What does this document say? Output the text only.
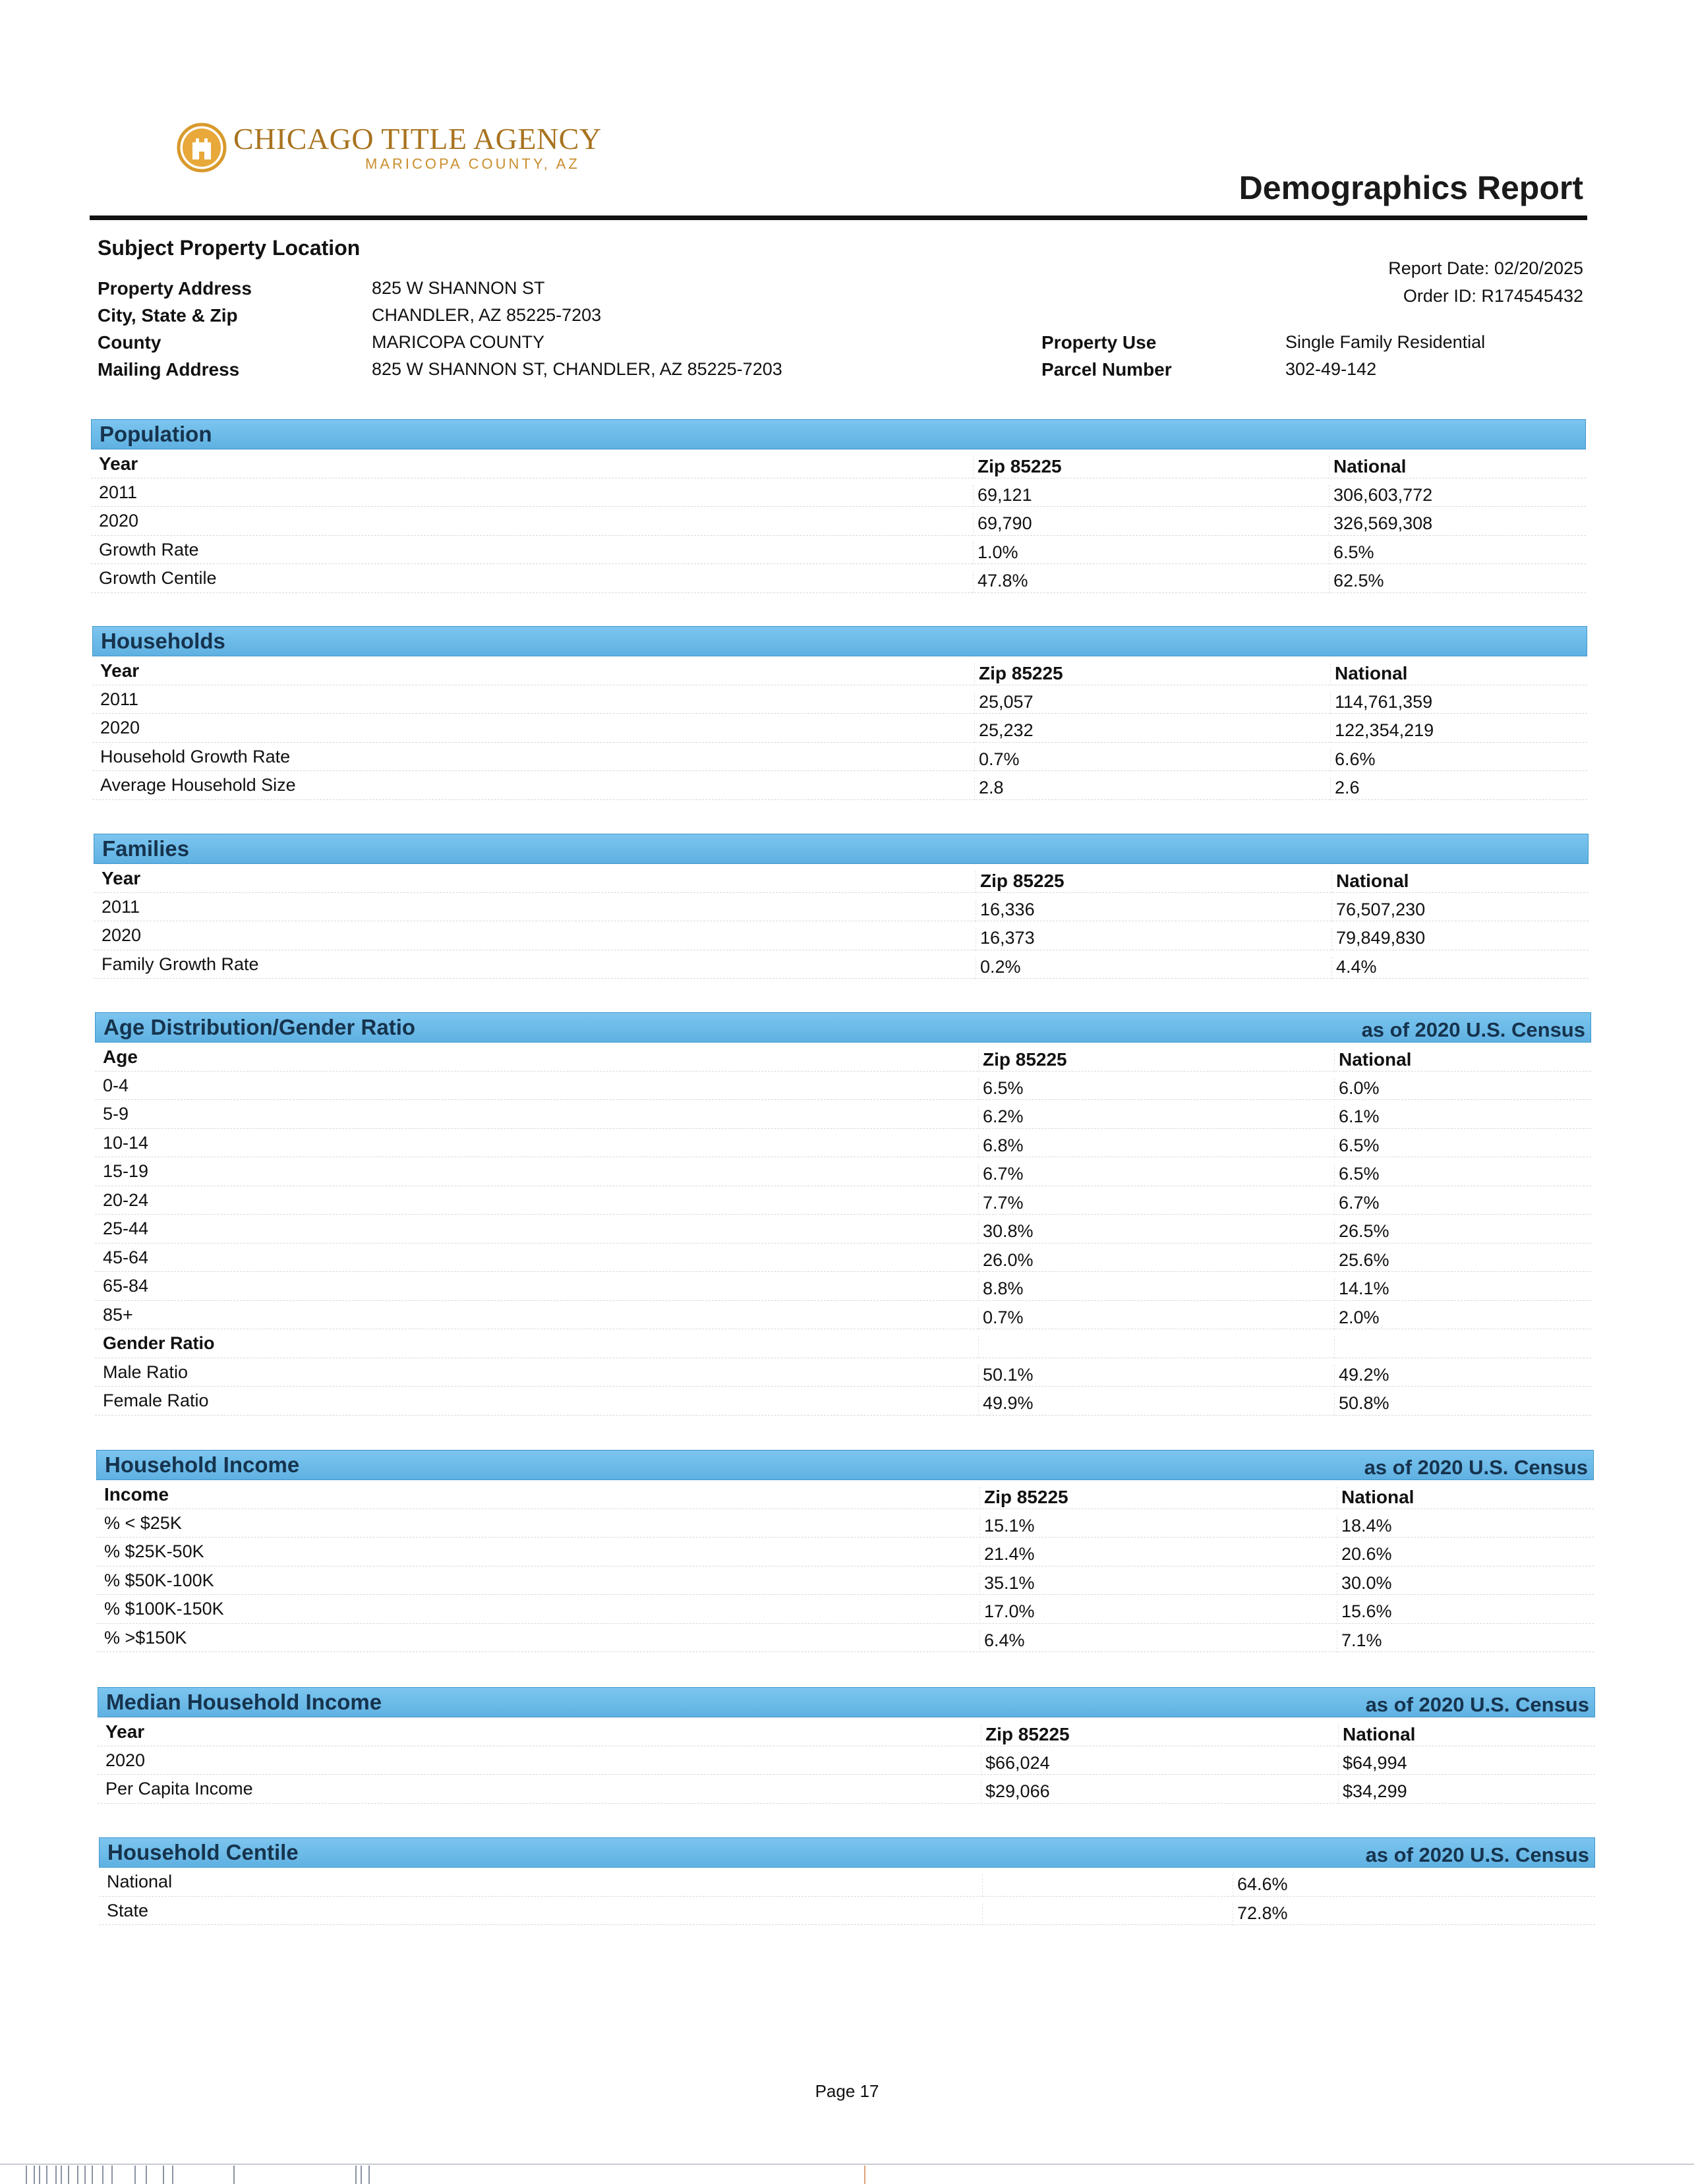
CHICAGO TITLE AGENCY
MARICOPA COUNTY, AZ
Demographics Report
Subject Property Location
Report Date: 02/20/2025
Order ID: R174545432
Property Address	825 W SHANNON ST
City, State & Zip	CHANDLER, AZ 85225-7203
County	MARICOPA COUNTY	Property Use	Single Family Residential
Mailing Address	825 W SHANNON ST, CHANDLER, AZ 85225-7203	Parcel Number	302-49-142
Population
Year	Zip 85225	National
2011	69,121	306,603,772
2020	69,790	326,569,308
Growth Rate	1.0%	6.5%
Growth Centile	47.8%	62.5%
Households
Year	Zip 85225	National
2011	25,057	114,761,359
2020	25,232	122,354,219
Household Growth Rate	0.7%	6.6%
Average Household Size	2.8	2.6
Families
Year	Zip 85225	National
2011	16,336	76,507,230
2020	16,373	79,849,830
Family Growth Rate	0.2%	4.4%
Age Distribution/Gender Ratio	as of 2020 U.S. Census
Age	Zip 85225	National
0-4	6.5%	6.0%
5-9	6.2%	6.1%
10-14	6.8%	6.5%
15-19	6.7%	6.5%
20-24	7.7%	6.7%
25-44	30.8%	26.5%
45-64	26.0%	25.6%
65-84	8.8%	14.1%
85+	0.7%	2.0%
Gender Ratio
Male Ratio	50.1%	49.2%
Female Ratio	49.9%	50.8%
Household Income	as of 2020 U.S. Census
Income	Zip 85225	National
% < $25K	15.1%	18.4%
% $25K-50K	21.4%	20.6%
% $50K-100K	35.1%	30.0%
% $100K-150K	17.0%	15.6%
% >$150K	6.4%	7.1%
Median Household Income	as of 2020 U.S. Census
Year	Zip 85225	National
2020	$66,024	$64,994
Per Capita Income	$29,066	$34,299
Household Centile	as of 2020 U.S. Census
National	64.6%
State	72.8%
Page 17
